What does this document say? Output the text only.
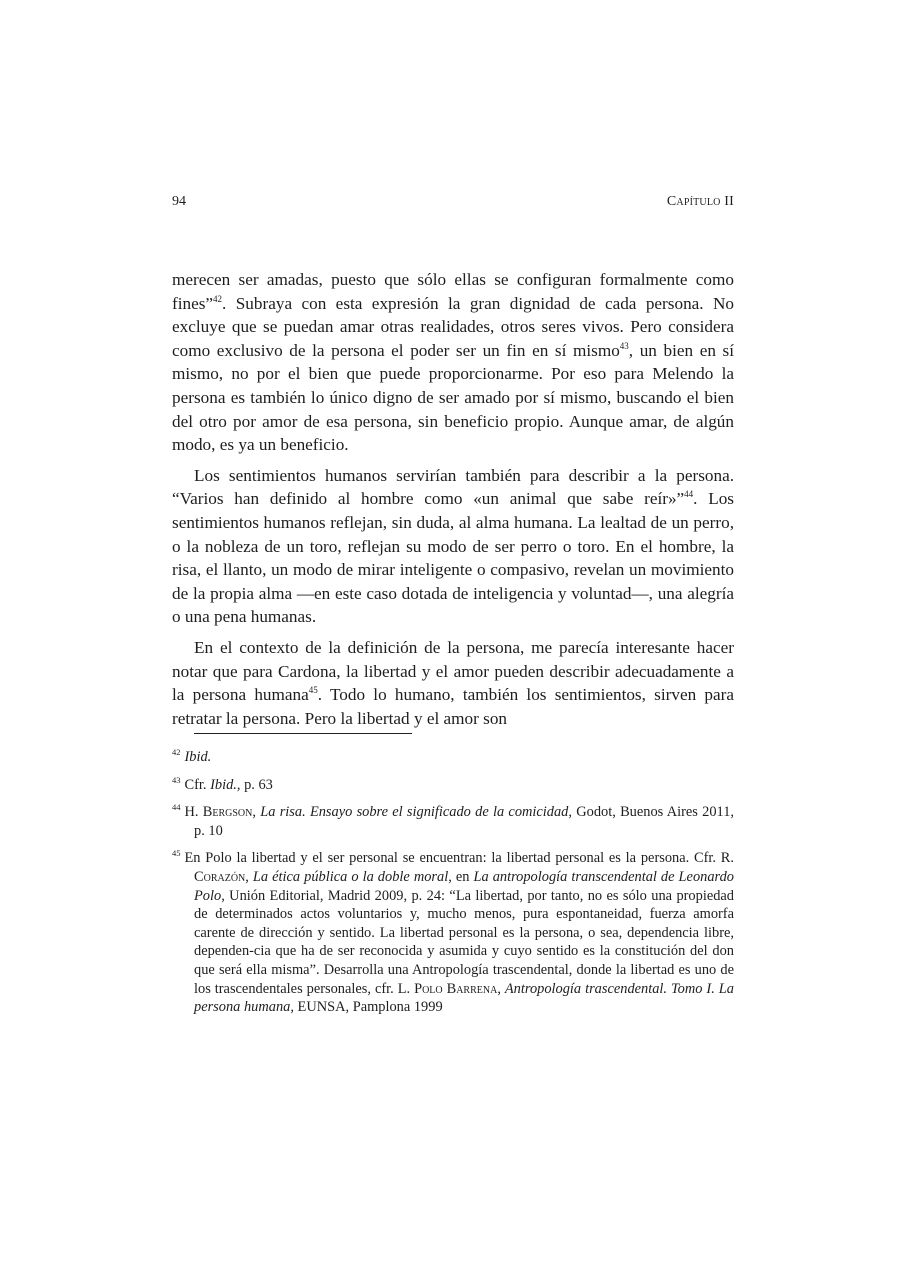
94	Capítulo II

merecen ser amadas, puesto que sólo ellas se configuran formalmente como fines”$^{42}$. Subraya con esta expresión la gran dignidad de cada persona. No excluye que se puedan amar otras realidades, otros seres vivos. Pero considera como exclusivo de la persona el poder ser un fin en sí mismo$^{43}$, un bien en sí mismo, no por el bien que puede proporcionarme. Por eso para Melendo la persona es también lo único digno de ser amado por sí mismo, buscando el bien del otro por amor de esa persona, sin beneficio propio. Aunque amar, de algún modo, es ya un beneficio.

Los sentimientos humanos servirían también para describir a la persona. “Varios han definido al hombre como «un animal que sabe reír»”$^{44}$. Los sentimientos humanos reflejan, sin duda, al alma humana. La lealtad de un perro, o la nobleza de un toro, reflejan su modo de ser perro o toro. En el hombre, la risa, el llanto, un modo de mirar inteligente o compasivo, revelan un movimiento de la propia alma —en este caso dotada de inteligencia y voluntad—, una alegría o una pena humanas.

En el contexto de la definición de la persona, me parecía interesante hacer notar que para Cardona, la libertad y el amor pueden describir adecuadamente a la persona humana$^{45}$. Todo lo humano, también los sentimientos, sirven para retratar la persona. Pero la libertad y el amor son

$^{42}$ Ibid.

$^{43}$ Cfr. Ibid., p. 63

$^{44}$ H. Bergson, La risa. Ensayo sobre el significado de la comicidad, Godot, Buenos Aires 2011, p. 10

$^{45}$ En Polo la libertad y el ser personal se encuentran: la libertad personal es la persona. Cfr. R. Corazón, La ética pública o la doble moral, en La antropología transcendental de Leonardo Polo, Unión Editorial, Madrid 2009, p. 24: “La libertad, por tanto, no es sólo una propiedad de determinados actos voluntarios y, mucho menos, pura espontaneidad, fuerza amorfa carente de dirección y sentido. La libertad personal es la persona, o sea, dependencia libre, dependen-cia que ha de ser reconocida y asumida y cuyo sentido es la constitución del don que será ella misma”. Desarrolla una Antropología trascendental, donde la libertad es uno de los trascendentales personales, cfr. L. Polo Barrena, Antropología trascendental. Tomo I. La persona humana, EUNSA, Pamplona 1999
